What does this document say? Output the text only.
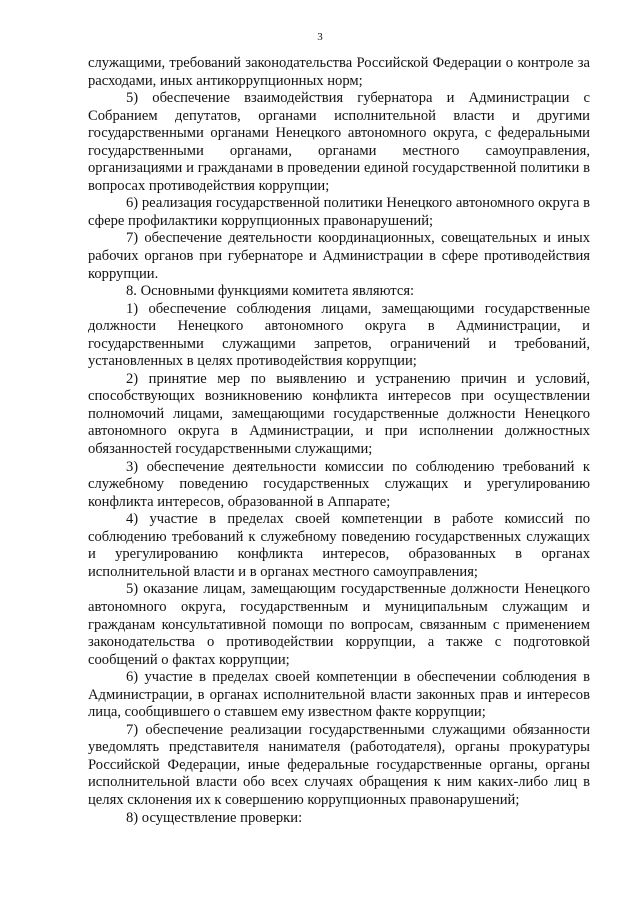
3

служащими, требований законодательства Российской Федерации о контроле за расходами, иных антикоррупционных норм;

5) обеспечение взаимодействия губернатора и Администрации с Собранием депутатов, органами исполнительной власти и другими государственными органами Ненецкого автономного округа, с федеральными государственными органами, органами местного самоуправления, организациями и гражданами в проведении единой государственной политики в вопросах противодействия коррупции;

6) реализация государственной политики Ненецкого автономного округа в сфере профилактики коррупционных правонарушений;

7) обеспечение деятельности координационных, совещательных и иных рабочих органов при губернаторе и Администрации в сфере противодействия коррупции.

8. Основными функциями комитета являются:

1) обеспечение соблюдения лицами, замещающими государственные должности Ненецкого автономного округа в Администрации, и государственными служащими запретов, ограничений и требований, установленных в целях противодействия коррупции;

2) принятие мер по выявлению и устранению причин и условий, способствующих возникновению конфликта интересов при осуществлении полномочий лицами, замещающими государственные должности Ненецкого автономного округа в Администрации, и при исполнении должностных обязанностей государственными служащими;

3) обеспечение деятельности комиссии по соблюдению требований к служебному поведению государственных служащих и урегулированию конфликта интересов, образованной в Аппарате;

4) участие в пределах своей компетенции в работе комиссий по соблюдению требований к служебному поведению государственных служащих и урегулированию конфликта интересов, образованных в органах исполнительной власти и в органах местного самоуправления;

5) оказание лицам, замещающим государственные должности Ненецкого автономного округа, государственным и муниципальным служащим и гражданам консультативной помощи по вопросам, связанным с применением законодательства о противодействии коррупции, а также с подготовкой сообщений о фактах коррупции;

6) участие в пределах своей компетенции в обеспечении соблюдения в Администрации, в органах исполнительной власти законных прав и интересов лица, сообщившего о ставшем ему известном факте коррупции;

7) обеспечение реализации государственными служащими обязанности уведомлять представителя нанимателя (работодателя), органы прокуратуры Российской Федерации, иные федеральные государственные органы, органы исполнительной власти обо всех случаях обращения к ним каких-либо лиц в целях склонения их к совершению коррупционных правонарушений;

8) осуществление проверки:
